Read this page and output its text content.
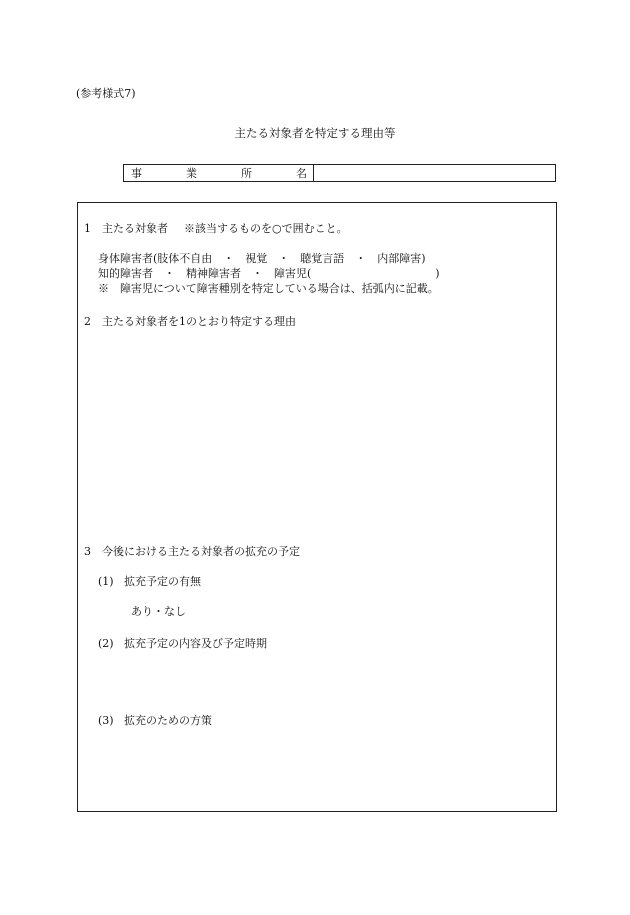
(参考様式7)
主たる対象者を特定する理由等
事	業	所	名
1 主たる対象者 ※該当するものを○で囲むこと。
身体障害者(肢体不自由　・　視覚　・　聴覚言語　・　内部障害)
知的障害者　・　精神障害者　・　障害児(	)
※　障害児について障害種別を特定している場合は、括弧内に記載。
2 主たる対象者を1のとおり特定する理由
3 今後における主たる対象者の拡充の予定
(1) 拡充予定の有無
あり・なし
(2) 拡充予定の内容及び予定時期
(3) 拡充のための方策
